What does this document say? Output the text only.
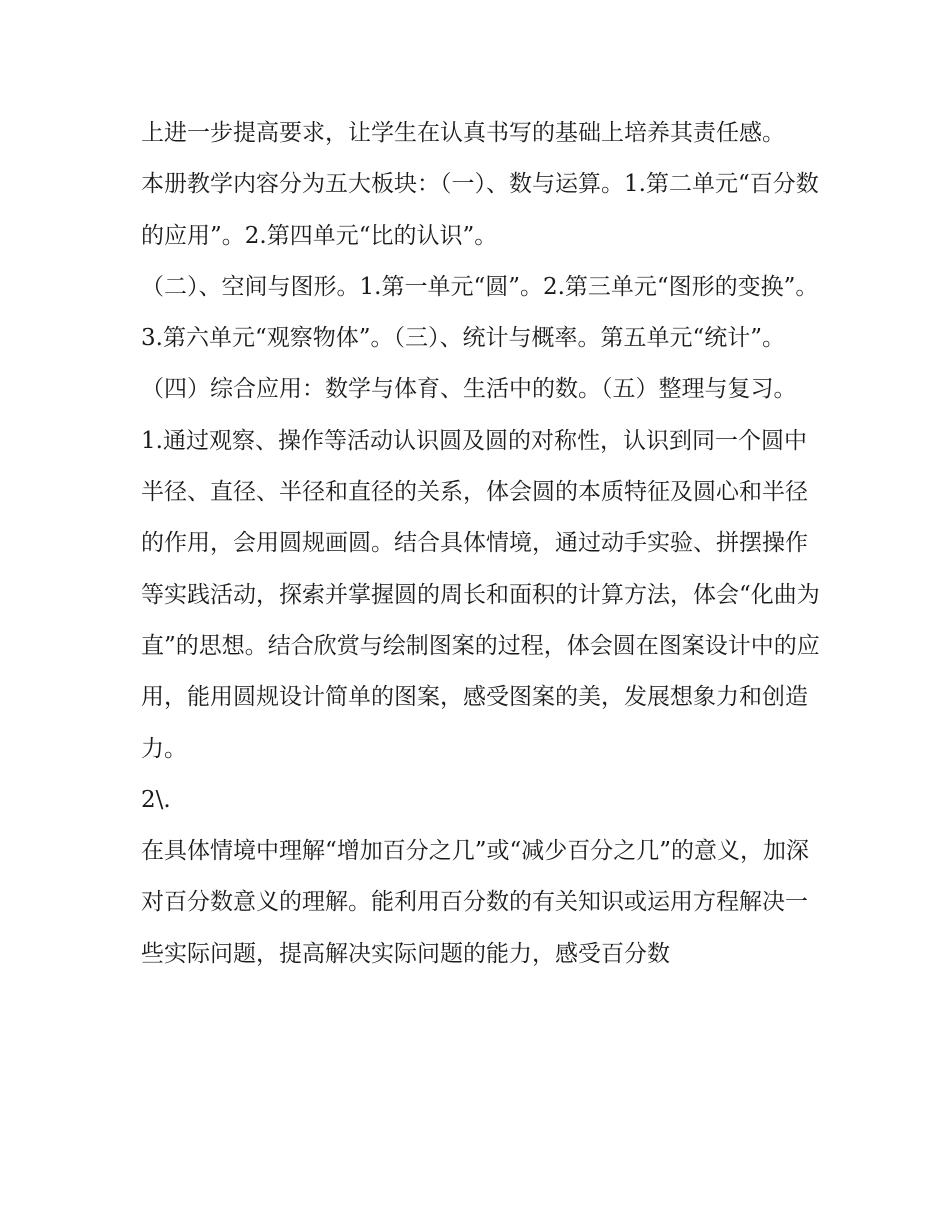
上进一步提高要求，让学生在认真书写的基础上培养其责任感。

本册教学内容分为五大板块：（一）、数与运算。1.第二单元“百分数的应用”。2.第四单元“比的认识”。

（二）、空间与图形。1.第一单元“圆”。2.第三单元“图形的变换”。3.第六单元“观察物体”。（三）、统计与概率。第五单元“统计”。

（四）综合应用：数学与体育、生活中的数。（五）整理与复习。

1.通过观察、操作等活动认识圆及圆的对称性，认识到同一个圆中半径、直径、半径和直径的关系，体会圆的本质特征及圆心和半径的作用，会用圆规画圆。结合具体情境，通过动手实验、拼摆操作等实践活动，探索并掌握圆的周长和面积的计算方法，体会“化曲为直”的思想。结合欣赏与绘制图案的过程，体会圆在图案设计中的应用，能用圆规设计简单的图案，感受图案的美，发展想象力和创造力。

2\.

在具体情境中理解“增加百分之几”或“减少百分之几”的意义，加深对百分数意义的理解。能利用百分数的有关知识或运用方程解决一些实际问题，提高解决实际问题的能力，感受百分数
